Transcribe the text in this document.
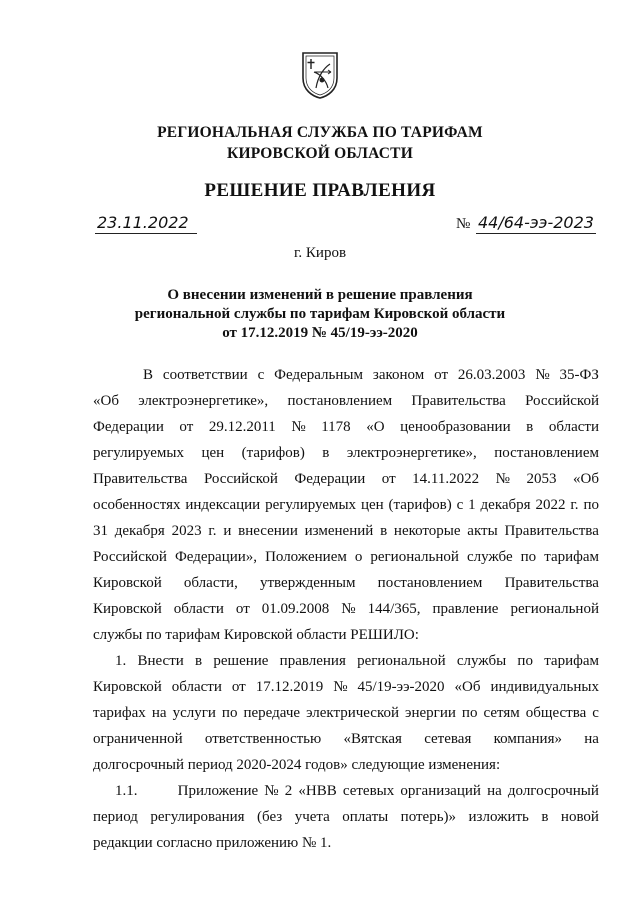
РЕГИОНАЛЬНАЯ СЛУЖБА ПО ТАРИФАМ
КИРОВСКОЙ ОБЛАСТИ
РЕШЕНИЕ ПРАВЛЕНИЯ
23.11.2022	№ 44/64-ээ-2023
г. Киров
О внесении изменений в решение правления
региональной службы по тарифам Кировской области
от 17.12.2019 № 45/19-ээ-2020
В соответствии с Федеральным законом от 26.03.2003 № 35-ФЗ
«Об электроэнергетике», постановлением Правительства Российской
Федерации от 29.12.2011 № 1178 «О ценообразовании в области
регулируемых цен (тарифов) в электроэнергетике», постановлением
Правительства Российской Федерации от 14.11.2022 № 2053 «Об
особенностях индексации регулируемых цен (тарифов) с 1 декабря 2022 г. по
31 декабря 2023 г. и внесении изменений в некоторые акты Правительства
Российской Федерации», Положением о региональной службе по тарифам
Кировской области, утвержденным постановлением Правительства
Кировской области от 01.09.2008 № 144/365, правление региональной
службы по тарифам Кировской области РЕШИЛО:
1. Внести в решение правления региональной службы по тарифам
Кировской области от 17.12.2019 № 45/19-ээ-2020 «Об индивидуальных
тарифах на услуги по передаче электрической энергии по сетям общества с
ограниченной ответственностью «Вятская сетевая компания» на
долгосрочный период 2020-2024 годов» следующие изменения:
1.1.	Приложение № 2 «НВВ сетевых организаций на долгосрочный
период регулирования (без учета оплаты потерь)» изложить в новой
редакции согласно приложению № 1.
